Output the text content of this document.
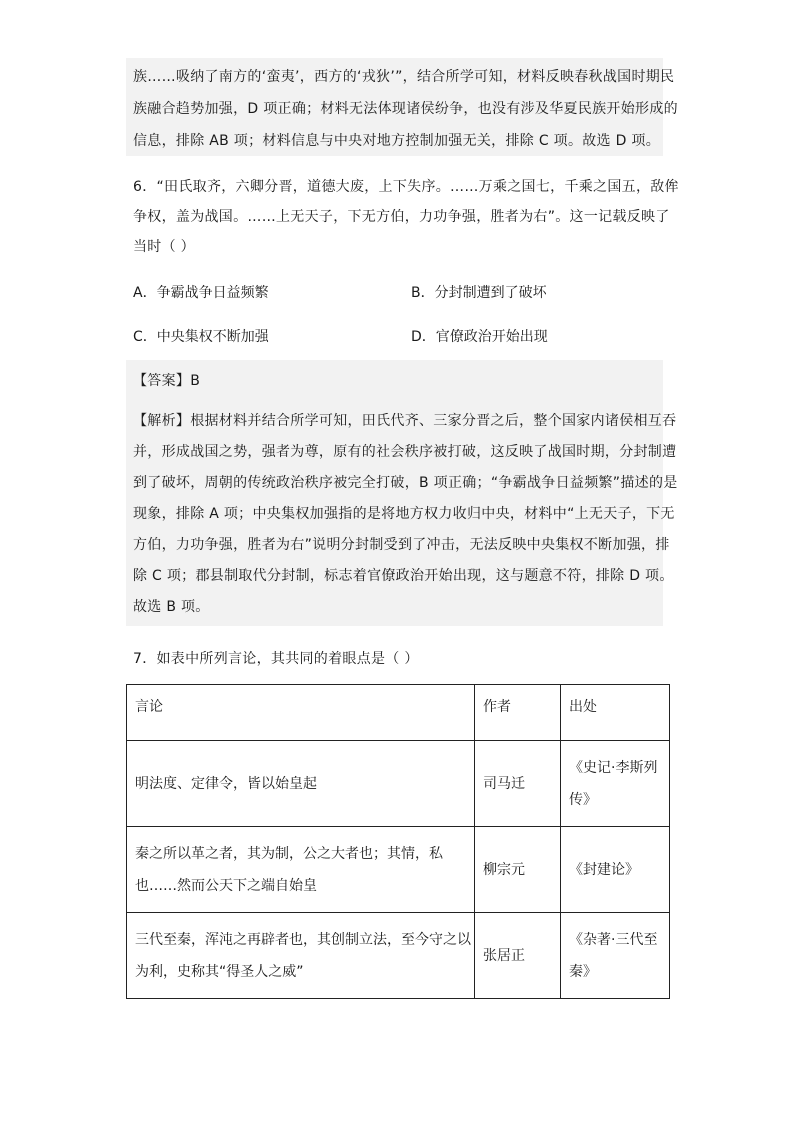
族……吸纳了南方的‘蛮夷’，西方的‘戎狄’”，结合所学可知，材料反映春秋战国时期民
族融合趋势加强，D 项正确；材料无法体现诸侯纷争，也没有涉及华夏民族开始形成的
信息，排除 AB 项；材料信息与中央对地方控制加强无关，排除 C 项。故选 D 项。
6．“田氏取齐，六卿分晋，道德大废，上下失序。……万乘之国七，千乘之国五，敌侔
争权，盖为战国。……上无天子，下无方伯，力功争强，胜者为右”。这一记载反映了
当时（ ）
A．争霸战争日益频繁	B．分封制遭到了破坏
C．中央集权不断加强	D．官僚政治开始出现
【答案】B
【解析】根据材料并结合所学可知，田氏代齐、三家分晋之后，整个国家内诸侯相互吞
并，形成战国之势，强者为尊，原有的社会秩序被打破，这反映了战国时期，分封制遭
到了破坏，周朝的传统政治秩序被完全打破，B 项正确；“争霸战争日益频繁”描述的是
现象，排除 A 项；中央集权加强指的是将地方权力收归中央，材料中“上无天子，下无
方伯，力功争强，胜者为右”说明分封制受到了冲击，无法反映中央集权不断加强，排
除 C 项；郡县制取代分封制，标志着官僚政治开始出现，这与题意不符，排除 D 项。
故选 B 项。
7．如表中所列言论，其共同的着眼点是（ ）
言论	作者	出处
明法度、定律令，皆以始皇起	司马迁	《史记·李斯列
传》
秦之所以革之者，其为制，公之大者也；其情，私
也……然而公天下之端自始皇	柳宗元	《封建论》
三代至秦，浑沌之再辟者也，其创制立法，至今守之以
为利，史称其“得圣人之威”	张居正	《杂著·三代至
秦》
